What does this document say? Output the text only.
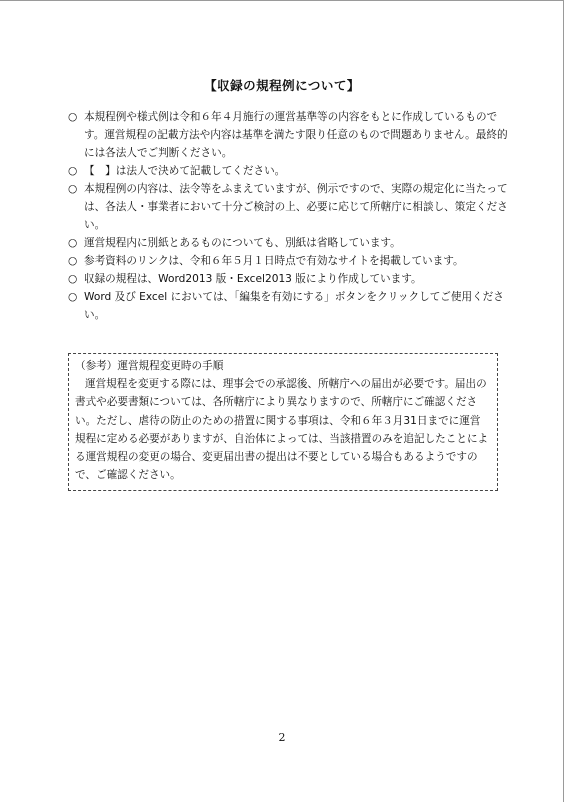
【収録の規程例について】
○ 本規程例や様式例は令和６年４月施行の運営基準等の内容をもとに作成しているものです。運営規程の記載方法や内容は基準を満たす限り任意のもので問題ありません。最終的には各法人でご判断ください。
○ 【　】は法人で決めて記載してください。
○ 本規程例の内容は、法令等をふまえていますが、例示ですので、実際の規定化に当たっては、各法人・事業者において十分ご検討の上、必要に応じて所轄庁に相談し、策定ください。
○ 運営規程内に別紙とあるものについても、別紙は省略しています。
○ 参考資料のリンクは、令和６年５月１日時点で有効なサイトを掲載しています。
○ 収録の規程は、Word2013 版・Excel2013 版により作成しています。
○ Word 及び Excel においては、「編集を有効にする」ボタンをクリックしてご使用ください。
（参考）運営規程変更時の手順
運営規程を変更する際には、理事会での承認後、所轄庁への届出が必要です。届出の書式や必要書類については、各所轄庁により異なりますので、所轄庁にご確認ください。ただし、虐待の防止のための措置に関する事項は、令和６年３月31日までに運営規程に定める必要がありますが、自治体によっては、当該措置のみを追記したことによる運営規程の変更の場合、変更届出書の提出は不要としている場合もあるようですので、ご確認ください。
2
